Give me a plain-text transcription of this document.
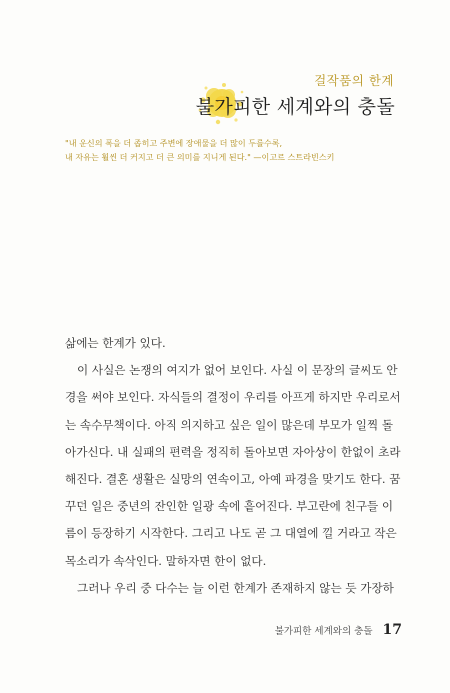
걸작품의 한계
불가피한 세계와의 충돌
"내 운신의 폭을 더 좁히고 주변에 장애물을 더 많이 두를수록,
내 자유는 훨씬 더 커지고 더 큰 의미를 지니게 된다." —이고르 스트라빈스키
삶에는 한계가 있다.
이 사실은 논쟁의 여지가 없어 보인다. 사실 이 문장의 글씨도 안
경을 써야 보인다. 자식들의 결정이 우리를 아프게 하지만 우리로서
는 속수무책이다. 아직 의지하고 싶은 일이 많은데 부모가 일찍 돌
아가신다. 내 실패의 편력을 정직히 돌아보면 자아상이 한없이 초라
해진다. 결혼 생활은 실망의 연속이고, 아예 파경을 맞기도 한다. 꿈
꾸던 일은 중년의 잔인한 일광 속에 흩어진다. 부고란에 친구들 이
름이 등장하기 시작한다. 그리고 나도 곧 그 대열에 낄 거라고 작은
목소리가 속삭인다. 말하자면 한이 없다.
그러나 우리 중 다수는 늘 이런 한계가 존재하지 않는 듯 가장하
불가피한 세계와의 충돌 17
